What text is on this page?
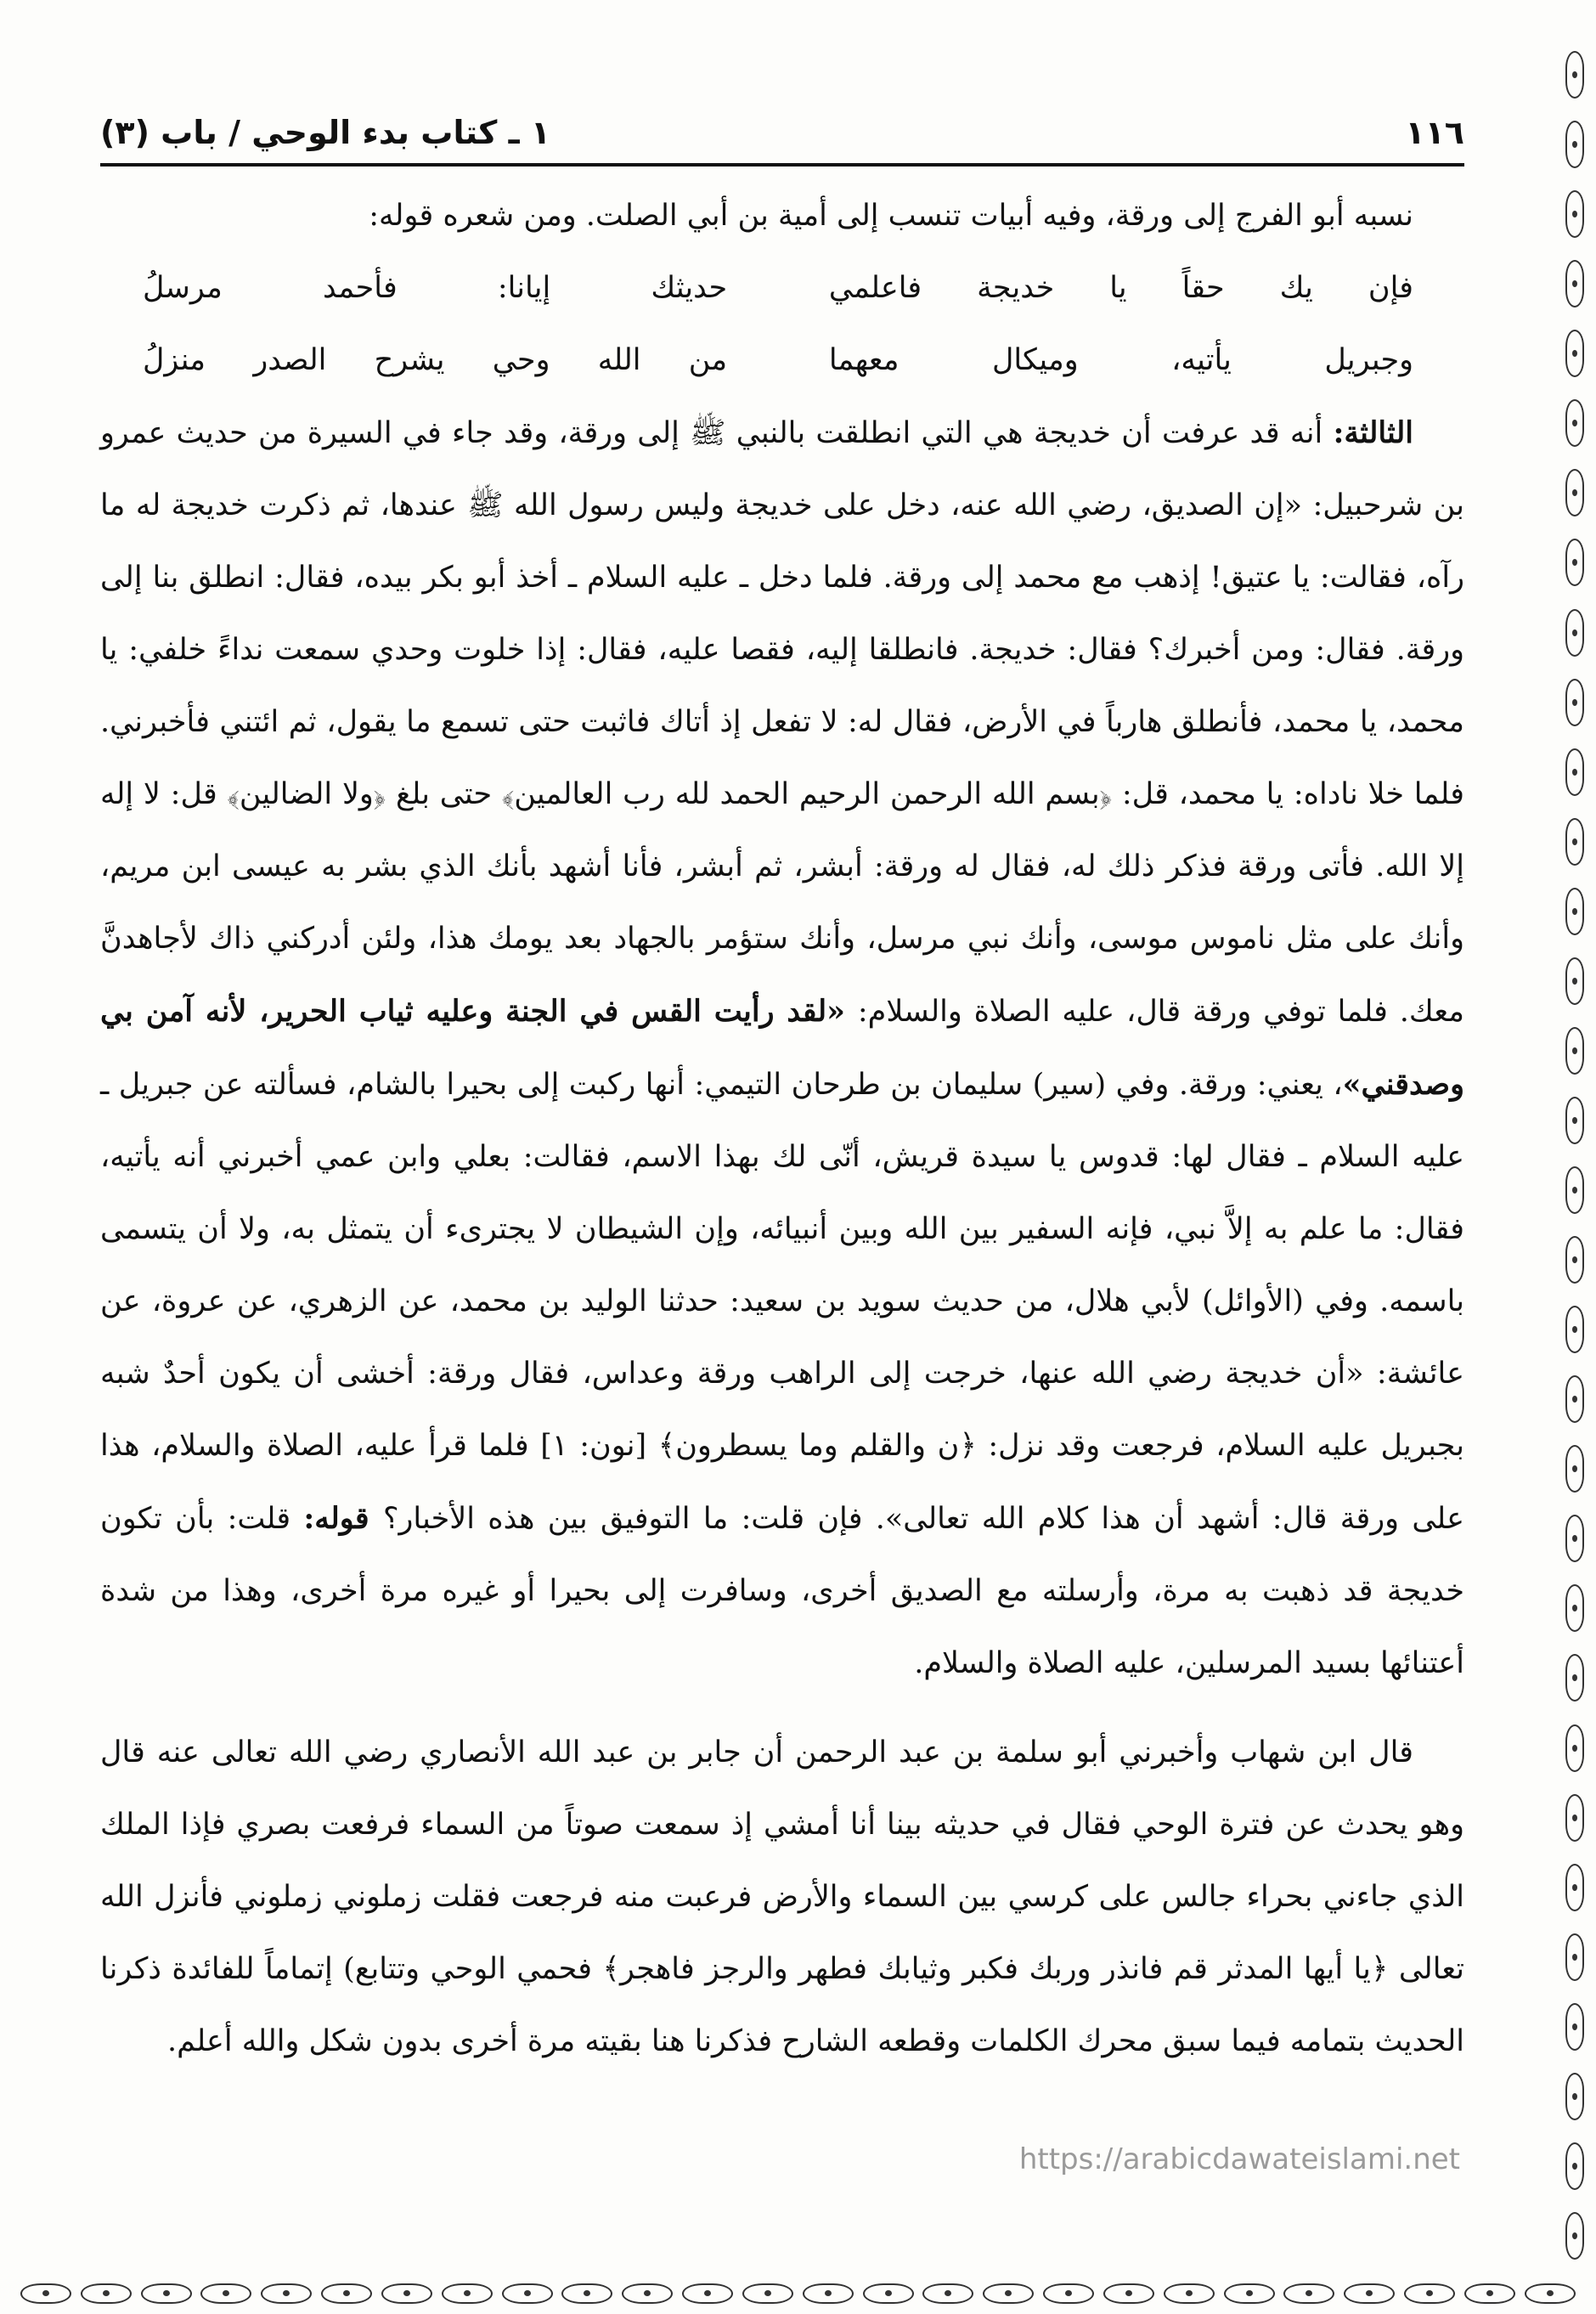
١١٦
١ ـ كتاب بدء الوحي / باب (٣)

نسبه أبو الفرج إلى ورقة، وفيه أبيات تنسب إلى أمية بن أبي الصلت. ومن شعره قوله:

فإن يك حقاً يا خديجة فاعلمي
حديثك إيانا: فأحمد مرسلُ
وجبريل يأتيه، وميكال معهما
من الله وحي يشرح الصدر منزلُ

الثالثة: أنه قد عرفت أن خديجة هي التي انطلقت بالنبي ﷺ إلى ورقة، وقد جاء في السيرة من حديث عمرو بن شرحبيل: «إن الصديق، رضي الله عنه، دخل على خديجة وليس رسول الله ﷺ عندها، ثم ذكرت خديجة له ما رآه، فقالت: يا عتيق! إذهب مع محمد إلى ورقة. فلما دخل ـ عليه السلام ـ أخذ أبو بكر بيده، فقال: انطلق بنا إلى ورقة. فقال: ومن أخبرك؟ فقال: خديجة. فانطلقا إليه، فقصا عليه، فقال: إذا خلوت وحدي سمعت نداءً خلفي: يا محمد، يا محمد، فأنطلق هارباً في الأرض، فقال له: لا تفعل إذ أتاك فاثبت حتى تسمع ما يقول، ثم ائتني فأخبرني. فلما خلا ناداه: يا محمد، قل: ﴿بسم الله الرحمن الرحيم الحمد لله رب العالمين﴾ حتى بلغ ﴿ولا الضالين﴾ قل: لا إله إلا الله. فأتى ورقة فذكر ذلك له، فقال له ورقة: أبشر، ثم أبشر، فأنا أشهد بأنك الذي بشر به عيسى ابن مريم، وأنك على مثل ناموس موسى، وأنك نبي مرسل، وأنك ستؤمر بالجهاد بعد يومك هذا، ولئن أدركني ذاك لأجاهدنَّ معك. فلما توفي ورقة قال، عليه الصلاة والسلام: «لقد رأيت القس في الجنة وعليه ثياب الحرير، لأنه آمن بي وصدقني»، يعني: ورقة. وفي (سير) سليمان بن طرحان التيمي: أنها ركبت إلى بحيرا بالشام، فسألته عن جبريل ـ عليه السلام ـ فقال لها: قدوس يا سيدة قريش، أنّى لك بهذا الاسم، فقالت: بعلي وابن عمي أخبرني أنه يأتيه، فقال: ما علم به إلاَّ نبي، فإنه السفير بين الله وبين أنبيائه، وإن الشيطان لا يجترىء أن يتمثل به، ولا أن يتسمى باسمه. وفي (الأوائل) لأبي هلال، من حديث سويد بن سعيد: حدثنا الوليد بن محمد، عن الزهري، عن عروة، عن عائشة: «أن خديجة رضي الله عنها، خرجت إلى الراهب ورقة وعداس، فقال ورقة: أخشى أن يكون أحدٌ شبه بجبريل عليه السلام، فرجعت وقد نزل: ﴿ن والقلم وما يسطرون﴾ [نون: ١] فلما قرأ عليه، الصلاة والسلام، هذا على ورقة قال: أشهد أن هذا كلام الله تعالى». فإن قلت: ما التوفيق بين هذه الأخبار؟ قوله: قلت: بأن تكون خديجة قد ذهبت به مرة، وأرسلته مع الصديق أخرى، وسافرت إلى بحيرا أو غيره مرة أخرى، وهذا من شدة أعتنائها بسيد المرسلين، عليه الصلاة والسلام.

قال ابن شهاب وأخبرني أبو سلمة بن عبد الرحمن أن جابر بن عبد الله الأنصاري رضي الله تعالى عنه قال وهو يحدث عن فترة الوحي فقال في حديثه بينا أنا أمشي إذ سمعت صوتاً من السماء فرفعت بصري فإذا الملك الذي جاءني بحراء جالس على كرسي بين السماء والأرض فرعبت منه فرجعت فقلت زملوني زملوني فأنزل الله تعالى ﴿يا أيها المدثر قم فانذر وربك فكبر وثيابك فطهر والرجز فاهجر﴾ فحمي الوحي وتتابع) إتماماً للفائدة ذكرنا الحديث بتمامه فيما سبق محرك الكلمات وقطعه الشارح فذكرنا هنا بقيته مرة أخرى بدون شكل والله أعلم.

https://arabicdawateislami.net
